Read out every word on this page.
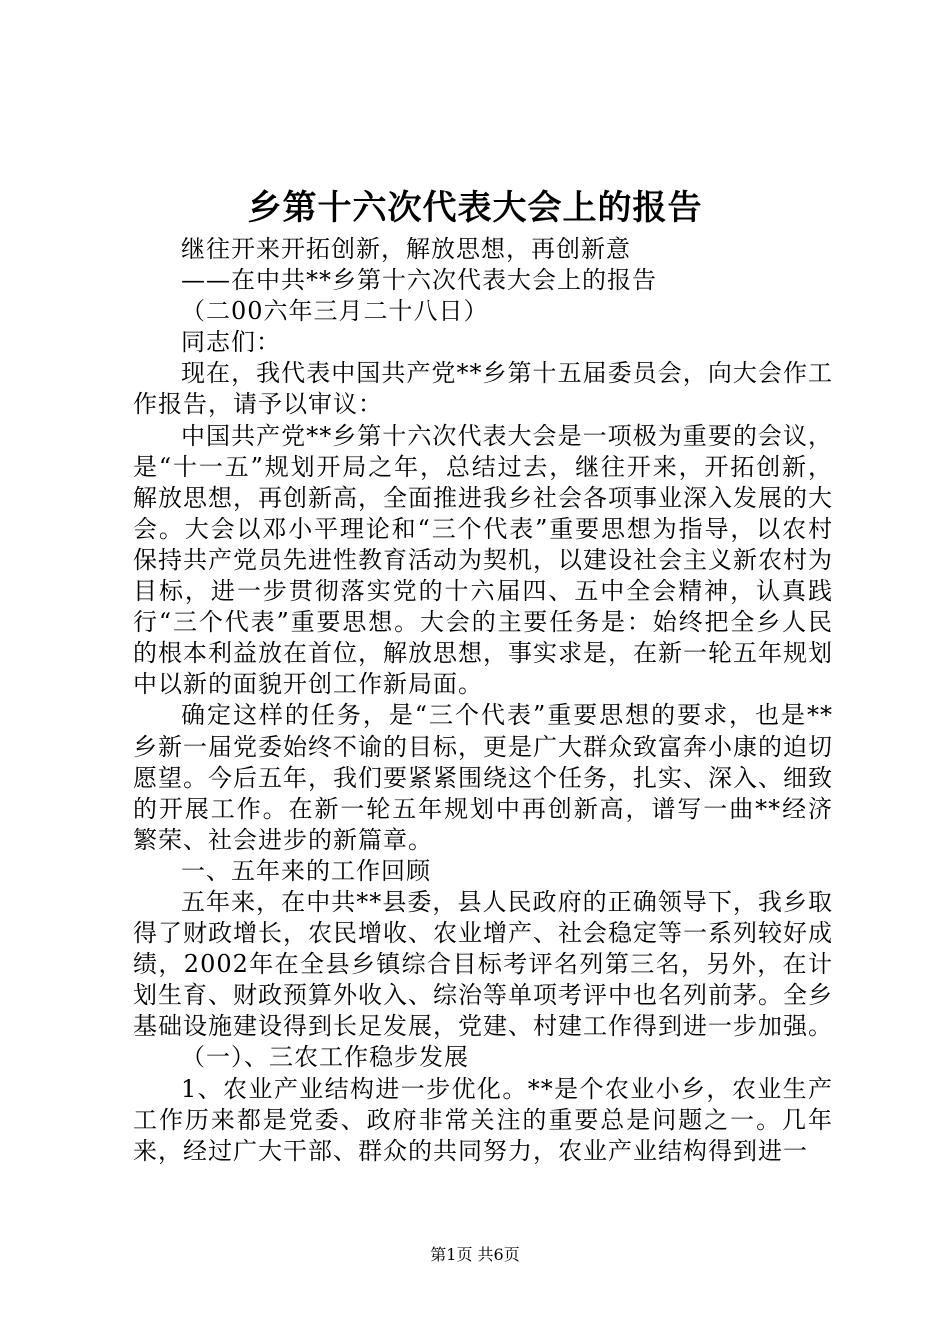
乡第十六次代表大会上的报告

继往开来开拓创新，解放思想，再创新意

——在中共**乡第十六次代表大会上的报告

（二00六年三月二十八日）

同志们：

现在，我代表中国共产党**乡第十五届委员会，向大会作工作报告，请予以审议：

中国共产党**乡第十六次代表大会是一项极为重要的会议，是“十一五”规划开局之年，总结过去，继往开来，开拓创新，解放思想，再创新高，全面推进我乡社会各项事业深入发展的大会。大会以邓小平理论和“三个代表”重要思想为指导，以农村保持共产党员先进性教育活动为契机，以建设社会主义新农村为目标，进一步贯彻落实党的十六届四、五中全会精神，认真践行“三个代表”重要思想。大会的主要任务是：始终把全乡人民的根本利益放在首位，解放思想，事实求是，在新一轮五年规划中以新的面貌开创工作新局面。

确定这样的任务，是“三个代表”重要思想的要求，也是**乡新一届党委始终不谕的目标，更是广大群众致富奔小康的迫切愿望。今后五年，我们要紧紧围绕这个任务，扎实、深入、细致的开展工作。在新一轮五年规划中再创新高，谱写一曲**经济繁荣、社会进步的新篇章。

一、五年来的工作回顾

五年来，在中共**县委，县人民政府的正确领导下，我乡取得了财政增长，农民增收、农业增产、社会稳定等一系列较好成绩，2002年在全县乡镇综合目标考评名列第三名，另外，在计划生育、财政预算外收入、综治等单项考评中也名列前茅。全乡基础设施建设得到长足发展，党建、村建工作得到进一步加强。

（一）、三农工作稳步发展

1、农业产业结构进一步优化。**是个农业小乡，农业生产工作历来都是党委、政府非常关注的重要总是问题之一。几年来，经过广大干部、群众的共同努力，农业产业结构得到进一

第1页 共6页
